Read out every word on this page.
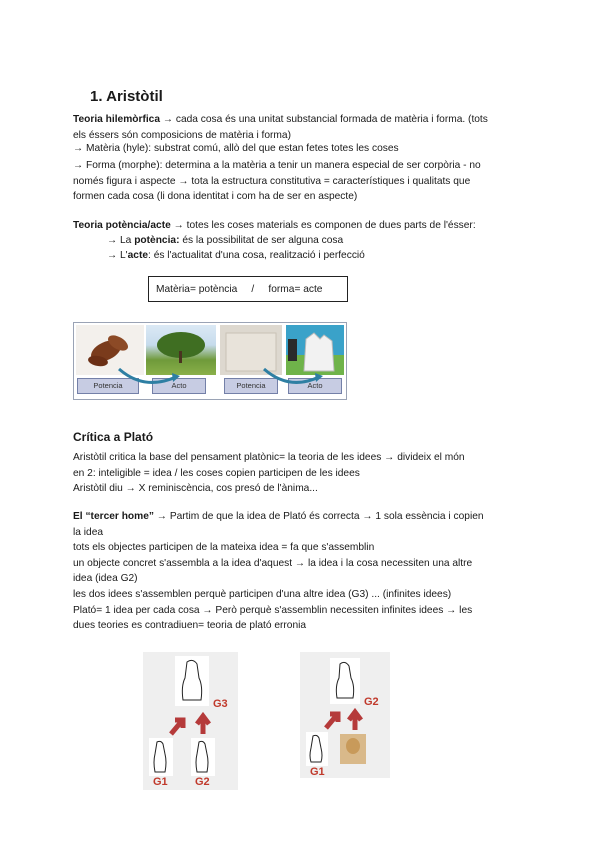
1. Aristòtil
Teoria hilemòrfica → cada cosa és una unitat substancial formada de matèria i forma. (tots
els éssers són composicions de matèria i forma)
→ Matèria (hyle): substrat comú, allò del que estan fetes totes les coses
→ Forma (morphe): determina a la matèria a tenir un manera especial de ser corpòria - no
només figura i aspecte → tota la estructura constitutiva = característiques i qualitats que
formen cada cosa (li dona identitat i com ha de ser en aspecte)
Teoria potència/acte → totes les coses materials es componen de dues parts de l'ésser:
→ La potència: és la possibilitat de ser alguna cosa
→ L'acte: és l'actualitat d'una cosa, realització i perfecció
Matèria= potència     /     forma= acte
Potencia	Acto	Potencia	Acto
Crítica a Plató
Aristòtil critica la base del pensament platònic= la teoria de les idees → divideix el món
en 2: inteligible = idea / les coses copien participen de les idees
Aristòtil diu → X reminiscència, cos presó de l'ànima...
El “tercer home” → Partim de que la idea de Plató és correcta → 1 sola essència i copien
la idea
tots els objectes participen de la mateixa idea = fa que s'assemblin
un objecte concret s'assembla a la idea d'aquest → la idea i la cosa necessiten una altre
idea (idea G2)
les dos idees s'assemblen perquè participen d'una altre idea (G3) ... (infinites idees)
Plató= 1 idea per cada cosa → Però perquè s'assemblin necessiten infinites idees → les
dues teories es contradiuen= teoria de plató erronia
G3
G1 G2
G2
G1
